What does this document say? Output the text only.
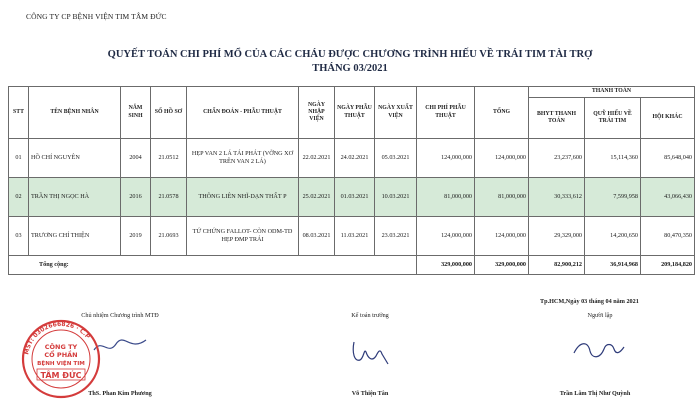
CÔNG TY CP BỆNH VIỆN TIM TÂM ĐỨC
QUYẾT TOÁN CHI PHÍ MỔ CỦA CÁC CHÁU ĐƯỢC CHƯƠNG TRÌNH HIẾU VỀ TRÁI TIM TÀI TRỢ
THÁNG 03/2021
STT	TÊN BỆNH NHÂN	NĂM SINH	SỐ HỒ SƠ	CHẨN ĐOÁN - PHẪU THUẬT	NGÀY NHẬP VIỆN	NGÀY PHẪU THUẬT	NGÀY XUẤT VIỆN	CHI PHÍ PHẪU THUẬT	TỔNG	THANH TOÁN		
										BHYT THANH TOÁN	QUỸ HIẾU VỀ TRÁI TIM	HỘI KHÁC
01	HỒ CHÍ NGUYÊN	2004	21.0512	HẸP VAN 2 LÁ TÁI PHÁT (VỠNG XƠ TRÊN VAN 2 LÁ)	22.02.2021	24.02.2021	05.03.2021	124,000,000	124,000,000	23,237,600	15,114,360	85,648,040
02	TRẦN THỊ NGỌC HÀ	2016	21.0578	THÔNG LIÊN NHĨ-DẠN THẤT P	25.02.2021	01.03.2021	10.03.2021	81,000,000	81,000,000	30,333,612	7,599,958	43,066,430
03	TRƯƠNG CHÍ THIỆN	2019	21.0693	TỨ CHỨNG FALLOT- CÒN ODM-TD HẸP ĐMP TRÁI	08.03.2021	11.03.2021	23.03.2021	124,000,000	124,000,000	29,329,000	14,200,650	80,470,350
Tổng cộng:								329,000,000	329,000,000	82,900,212	36,914,968	209,184,820
Tp.HCM,Ngày 03 tháng 04 năm 2021
Chủ nhiệm Chương trình MTĐ
ThS. Phan Kim Phương
MST: 0302666826 · C.P
CÔNG TY
CỔ PHẦN
BỆNH VIỆN TIM
TÂM ĐỨC
Kế toán trưởng
Võ Thiện Tân
Người lập
Trần Lâm Thị Như Quỳnh
